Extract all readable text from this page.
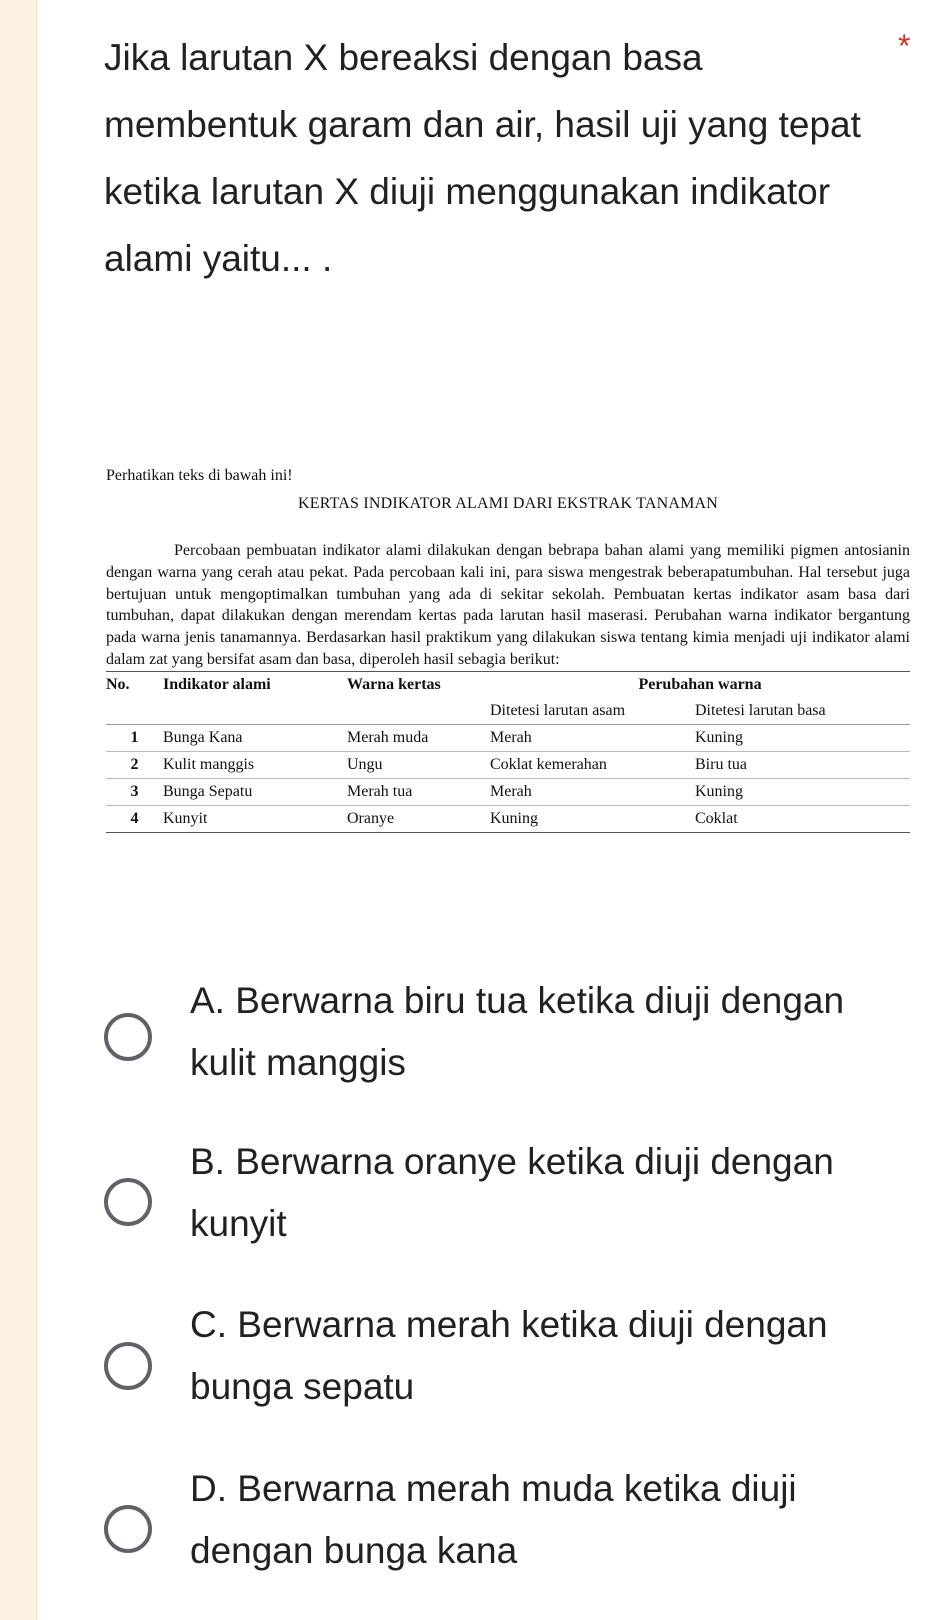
Jika larutan X bereaksi dengan basa membentuk garam dan air, hasil uji yang tepat ketika larutan X diuji menggunakan indikator alami yaitu... .
*

Perhatikan teks di bawah ini!

KERTAS INDIKATOR ALAMI DARI EKSTRAK TANAMAN

Percobaan pembuatan indikator alami dilakukan dengan bebrapa bahan alami yang memiliki pigmen antosianin dengan warna yang cerah atau pekat. Pada percobaan kali ini, para siswa mengestrak beberapatumbuhan. Hal tersebut juga bertujuan untuk mengoptimalkan tumbuhan yang ada di sekitar sekolah. Pembuatan kertas indikator asam basa dari tumbuhan, dapat dilakukan dengan merendam kertas pada larutan hasil maserasi. Perubahan warna indikator bergantung pada warna jenis tanamannya. Berdasarkan hasil praktikum yang dilakukan siswa tentang kimia menjadi uji indikator alami dalam zat yang bersifat asam dan basa, diperoleh hasil sebagia berikut:

No.	Indikator alami	Warna kertas	Perubahan warna	
			Ditetesi larutan asam	Ditetesi larutan basa
1	Bunga Kana	Merah muda	Merah	Kuning
2	Kulit manggis	Ungu	Coklat kemerahan	Biru tua
3	Bunga Sepatu	Merah tua	Merah	Kuning
4	Kunyit	Oranye	Kuning	Coklat
A. Berwarna biru tua ketika diuji dengan kulit manggis
B. Berwarna oranye ketika diuji dengan kunyit
C. Berwarna merah ketika diuji dengan bunga sepatu
D. Berwarna merah muda ketika diuji dengan bunga kana
